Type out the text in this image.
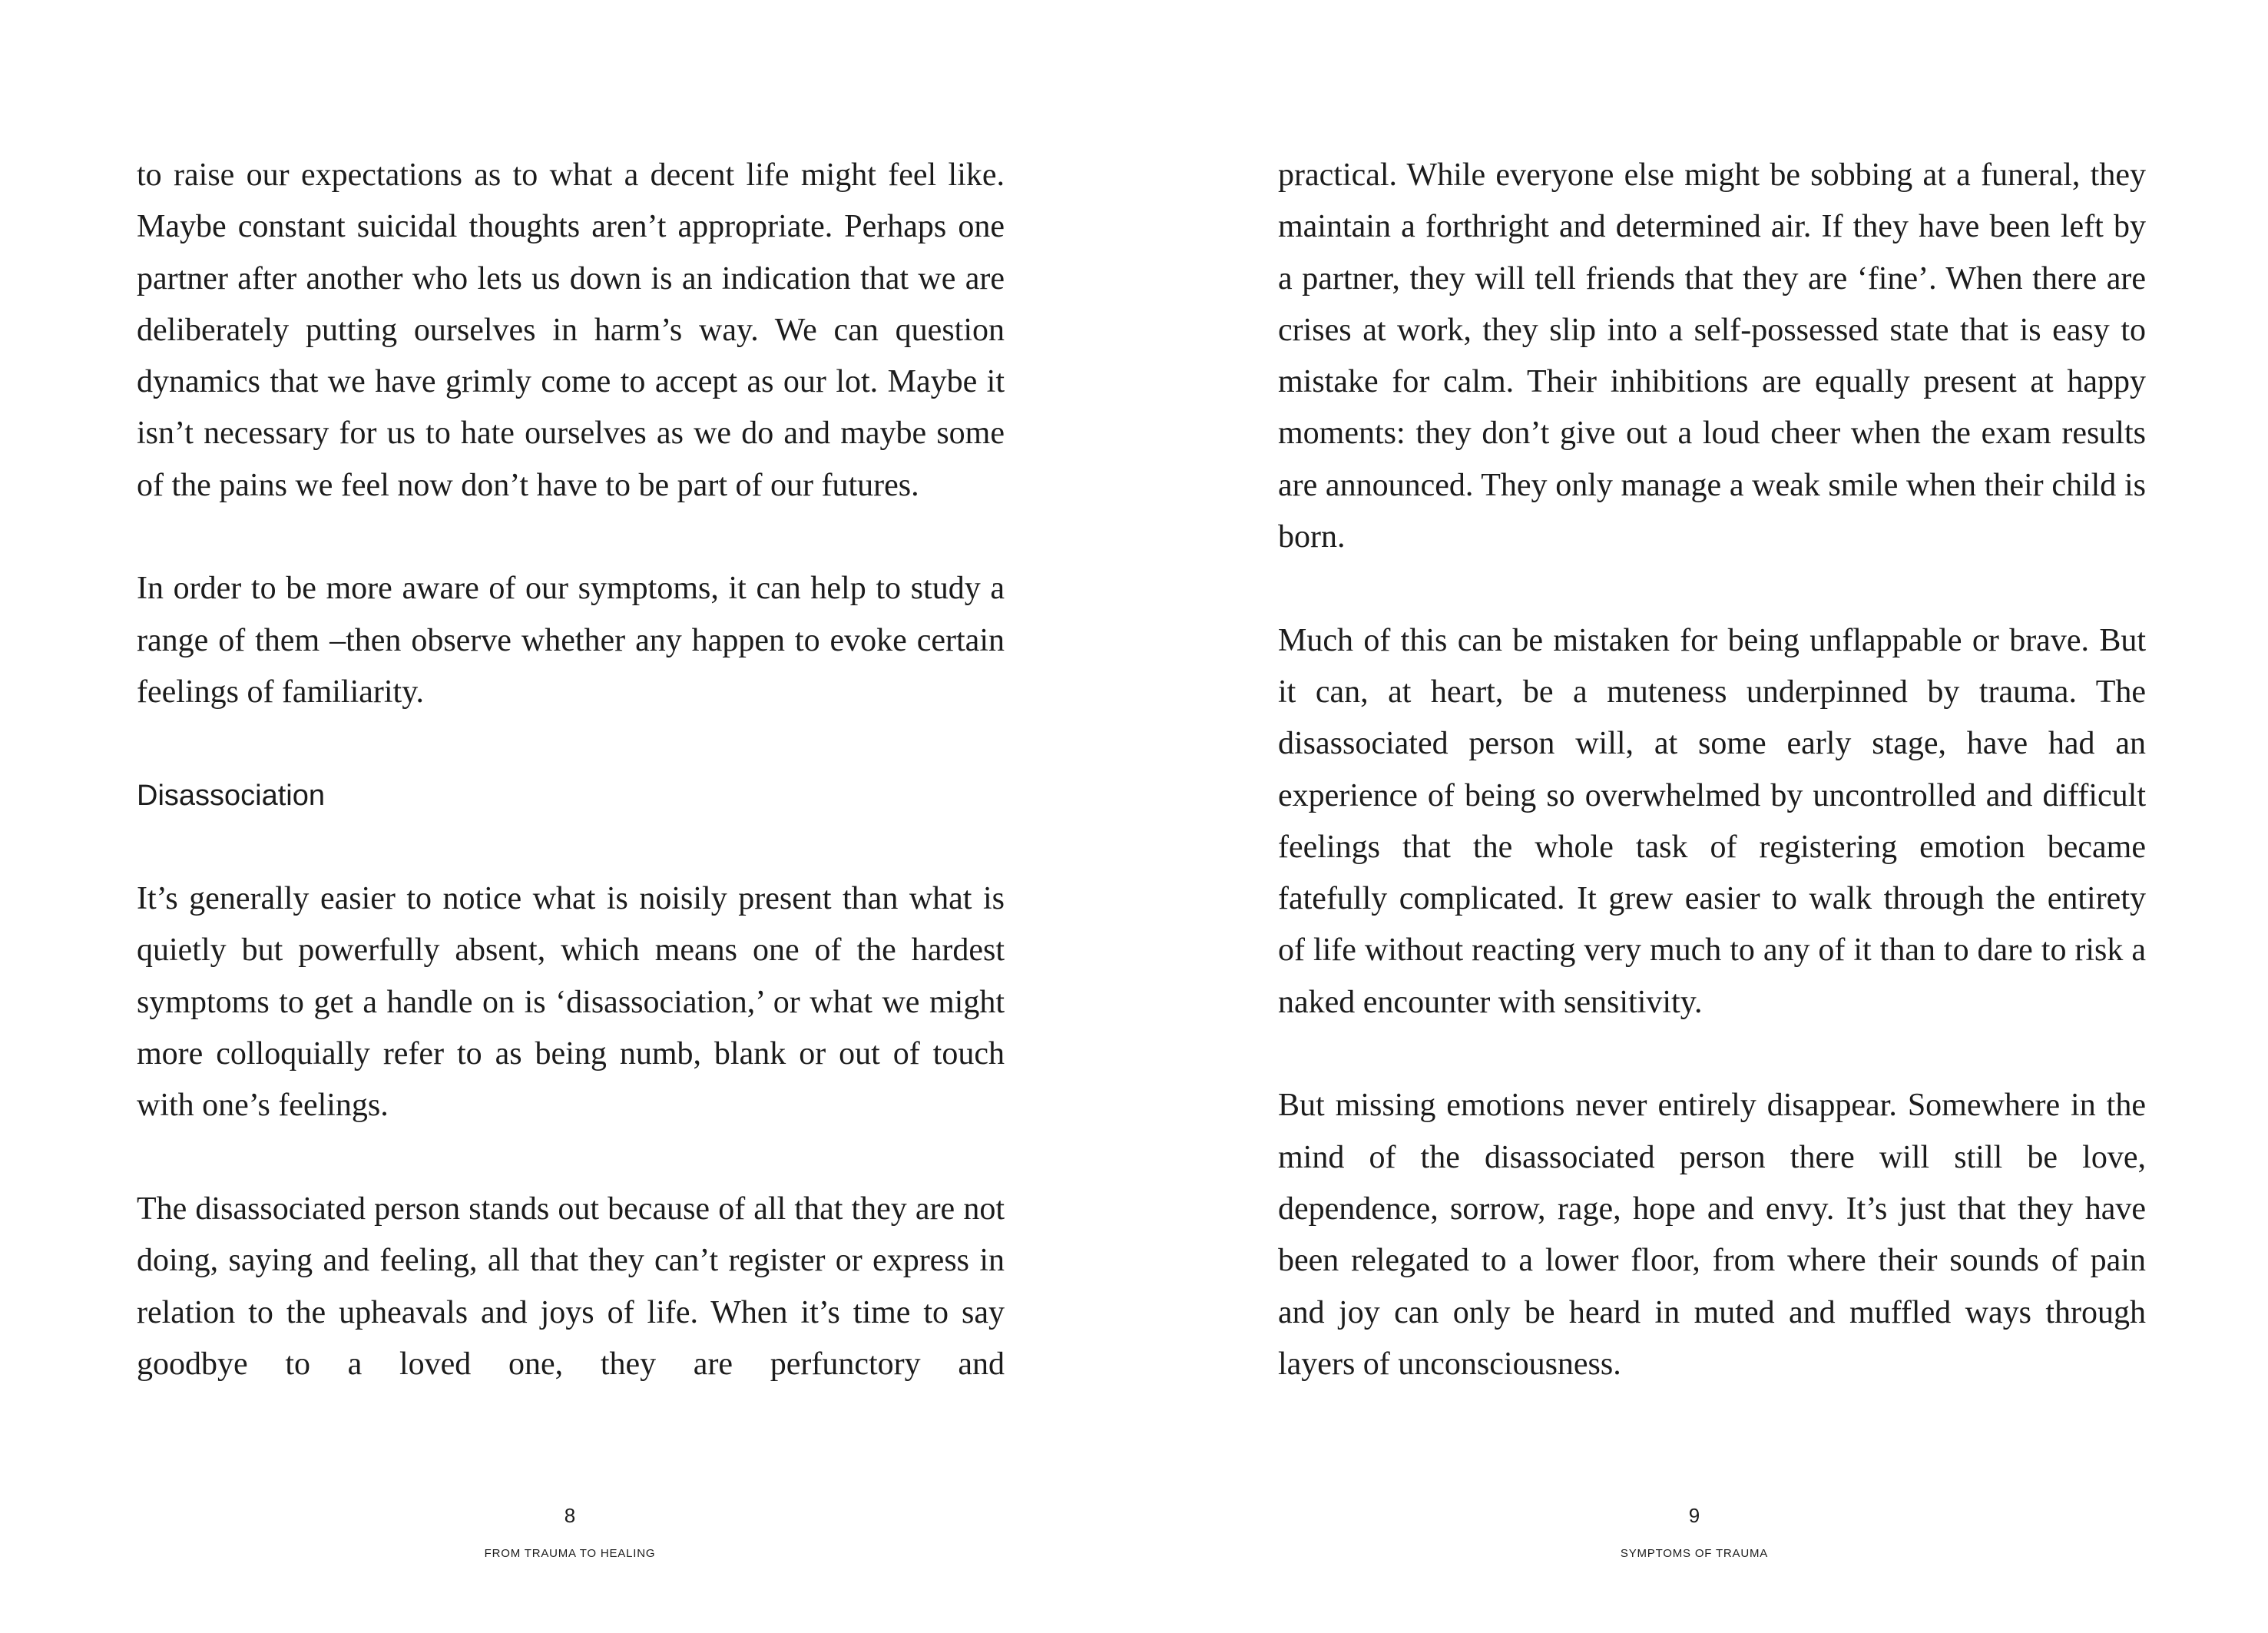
to raise our expectations as to what a decent life might feel like. Maybe constant suicidal thoughts aren’t appropriate. Perhaps one partner after another who lets us down is an indication that we are deliberately putting ourselves in harm’s way. We can question dynamics that we have grimly come to accept as our lot. Maybe it isn’t necessary for us to hate ourselves as we do and maybe some of the pains we feel now don’t have to be part of our futures.

In order to be more aware of our symptoms, it can help to study a range of them –then observe whether any happen to evoke certain feelings of familiarity.

Disassociation

It’s generally easier to notice what is noisily present than what is quietly but powerfully absent, which means one of the hardest symptoms to get a handle on is ‘disassociation,’ or what we might more colloquially refer to as being numb, blank or out of touch with one’s feelings.

The disassociated person stands out because of all that they are not doing, saying and feeling, all that they can’t register or express in relation to the upheavals and joys of life. When it’s time to say goodbye to a loved one, they are perfunctory and

8
FROM TRAUMA TO HEALING

practical. While everyone else might be sobbing at a funeral, they maintain a forthright and determined air. If they have been left by a partner, they will tell friends that they are ‘fine’. When there are crises at work, they slip into a self-possessed state that is easy to mistake for calm. Their inhibitions are equally present at happy moments: they don’t give out a loud cheer when the exam results are announced. They only manage a weak smile when their child is born.

Much of this can be mistaken for being unflappable or brave. But it can, at heart, be a muteness underpinned by trauma. The disassociated person will, at some early stage, have had an experience of being so overwhelmed by uncontrolled and difficult feelings that the whole task of registering emotion became fatefully complicated. It grew easier to walk through the entirety of life without reacting very much to any of it than to dare to risk a naked encounter with sensitivity.

But missing emotions never entirely disappear. Somewhere in the mind of the disassociated person there will still be love, dependence, sorrow, rage, hope and envy. It’s just that they have been relegated to a lower floor, from where their sounds of pain and joy can only be heard in muted and muffled ways through layers of unconsciousness.

9
SYMPTOMS OF TRAUMA
